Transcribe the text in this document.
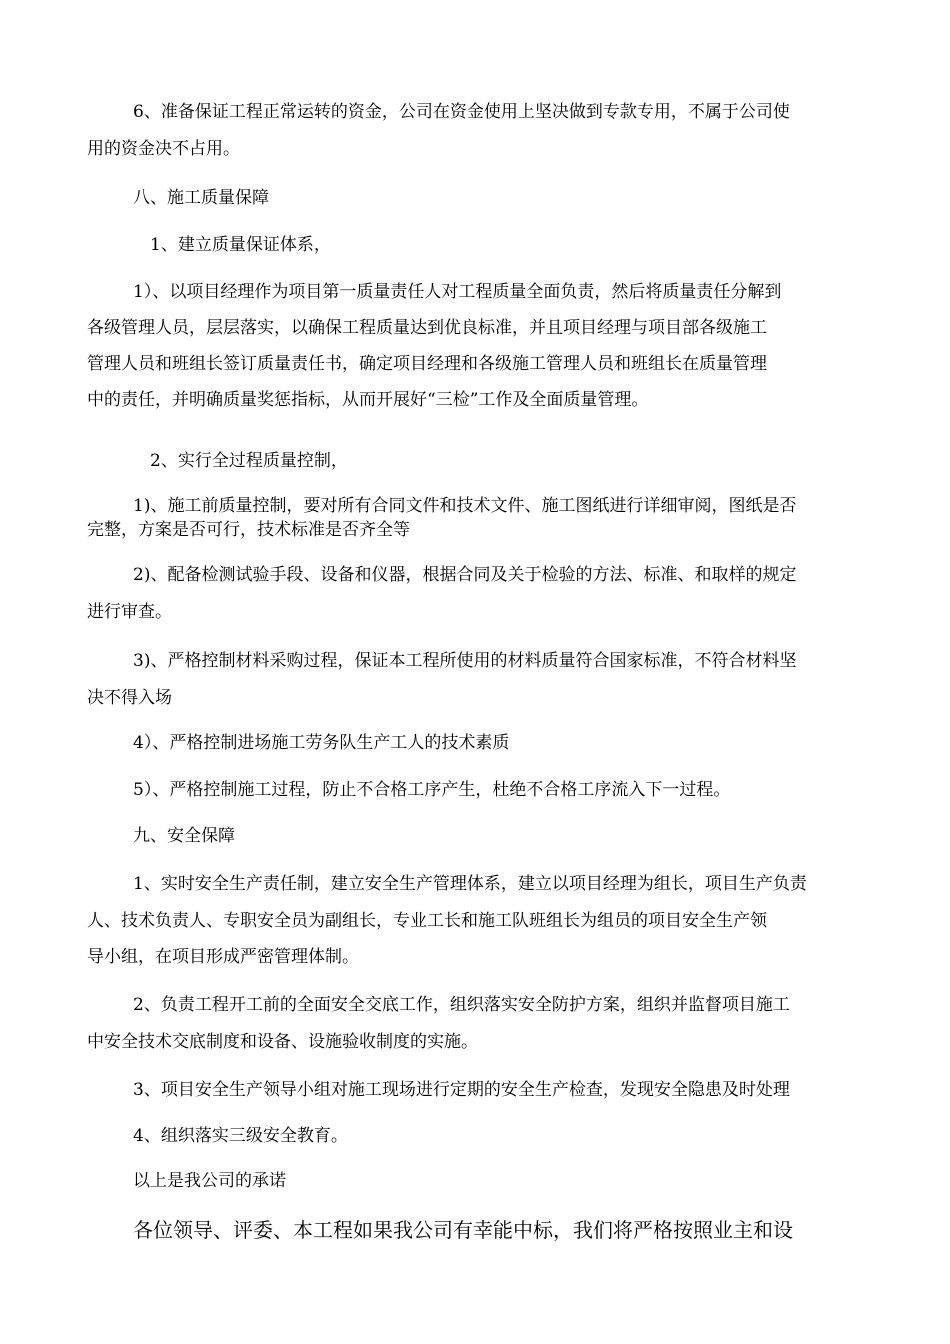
6、准备保证工程正常运转的资金，公司在资金使用上坚决做到专款专用，不属于公司使
用的资金决不占用。
八、施工质量保障
1、建立质量保证体系，
1）、以项目经理作为项目第一质量责任人对工程质量全面负责，然后将质量责任分解到
各级管理人员，层层落实，以确保工程质量达到优良标准，并且项目经理与项目部各级施工
管理人员和班组长签订质量责任书，确定项目经理和各级施工管理人员和班组长在质量管理
中的责任，并明确质量奖惩指标，从而开展好“三检”工作及全面质量管理。
2、实行全过程质量控制，
1)、施工前质量控制，要对所有合同文件和技术文件、施工图纸进行详细审阅，图纸是否
完整，方案是否可行，技术标准是否齐全等
2)、配备检测试验手段、设备和仪器，根据合同及关于检验的方法、标准、和取样的规定
进行审查。
3)、严格控制材料采购过程，保证本工程所使用的材料质量符合国家标准，不符合材料坚
决不得入场
4）、严格控制进场施工劳务队生产工人的技术素质
5）、严格控制施工过程，防止不合格工序产生，杜绝不合格工序流入下一过程。
九、安全保障
1、实时安全生产责任制，建立安全生产管理体系，建立以项目经理为组长，项目生产负责
人、技术负责人、专职安全员为副组长，专业工长和施工队班组长为组员的项目安全生产领
导小组，在项目形成严密管理体制。
2、负责工程开工前的全面安全交底工作，组织落实安全防护方案，组织并监督项目施工
中安全技术交底制度和设备、设施验收制度的实施。
3、项目安全生产领导小组对施工现场进行定期的安全生产检查，发现安全隐患及时处理
4、组织落实三级安全教育。
以上是我公司的承诺
各位领导、评委、本工程如果我公司有幸能中标，我们将严格按照业主和设
